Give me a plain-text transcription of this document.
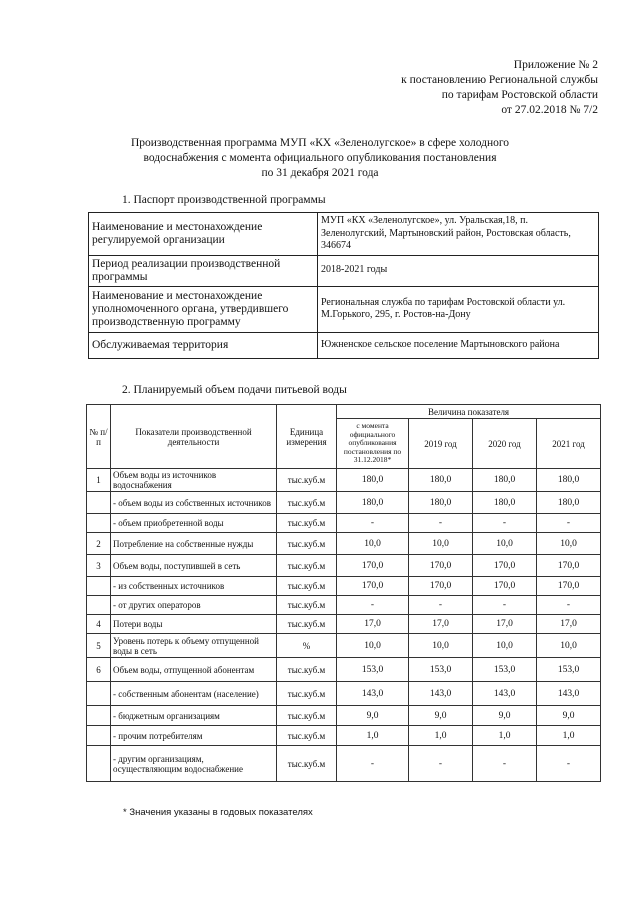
Приложение № 2
к постановлению Региональной службы
по тарифам Ростовской области
от 27.02.2018 № 7/2
Производственная программа МУП «КХ «Зеленолугское» в сфере холодного
водоснабжения с момента официального опубликования постановления
по 31 декабря 2021 года
1. Паспорт производственной программы
Наименование и местонахождение регулируемой организации	МУП «КХ «Зеленолугское», ул. Уральская,18, п. Зеленолугский, Мартыновский район, Ростовская область, 346674
Период реализации производственной программы	2018-2021 годы
Наименование и местонахождение уполномоченного органа, утвердившего производственную программу	Региональная служба по тарифам Ростовской области ул. М.Горького, 295, г. Ростов-на-Дону
Обслуживаемая территория	Южненское сельское поселение Мартыновского района
2. Планируемый объем подачи питьевой воды
№ п/п	Показатели производственной деятельности	Единица измерения	Величина показателя			
			с момента официального опубликования постановления по 31.12.2018*	2019 год	2020 год	2021 год
1	Объем воды из источников водоснабжения	тыс.куб.м	180,0	180,0	180,0	180,0
	- объем воды из собственных источников	тыс.куб.м	180,0	180,0	180,0	180,0
	- объем приобретенной воды	тыс.куб.м	-	-	-	-
2	Потребление на собственные нужды	тыс.куб.м	10,0	10,0	10,0	10,0
3	Объем воды, поступившей в сеть	тыс.куб.м	170,0	170,0	170,0	170,0
	- из собственных источников	тыс.куб.м	170,0	170,0	170,0	170,0
	- от других операторов	тыс.куб.м	-	-	-	-
4	Потери воды	тыс.куб.м	17,0	17,0	17,0	17,0
5	Уровень потерь к объему отпущенной воды в сеть	%	10,0	10,0	10,0	10,0
6	Объем воды, отпущенной абонентам	тыс.куб.м	153,0	153,0	153,0	153,0
	- собственным абонентам (население)	тыс.куб.м	143,0	143,0	143,0	143,0
	- бюджетным организациям	тыс.куб.м	9,0	9,0	9,0	9,0
	- прочим потребителям	тыс.куб.м	1,0	1,0	1,0	1,0
	- другим организациям, осуществляющим водоснабжение	тыс.куб.м	-	-	-	-
* Значения указаны в годовых показателях
